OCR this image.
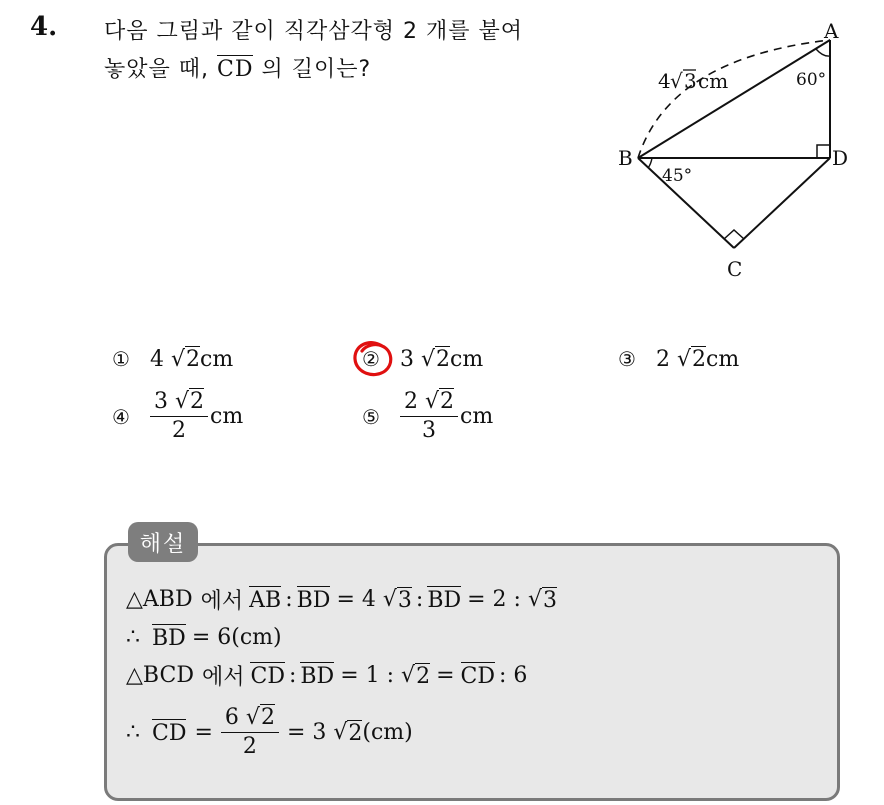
4. 다음 그림과 같이 직각삼각형 2 개를 붙여
놓았을 때, CD 의 길이는?
A
B	D
C
60°
45°
4 √ 3 cm
① 4 √ 2 cm	② 3 √ 2 cm	③ 2 √ 2 cm
④ $\frac{3 √2}{2}$ cm	⑤ $\frac{2 √2}{3}$ cm
해설
△ABD 에서 AB : BD = 4 √ 3 : BD = 2 : √ 3
∴ BD = 6(cm)
△BCD 에서 CD : BD = 1 : √ 2 = CD : 6
∴ CD = $\frac{6 √2}{2} = 3$ √ 2 (cm)
